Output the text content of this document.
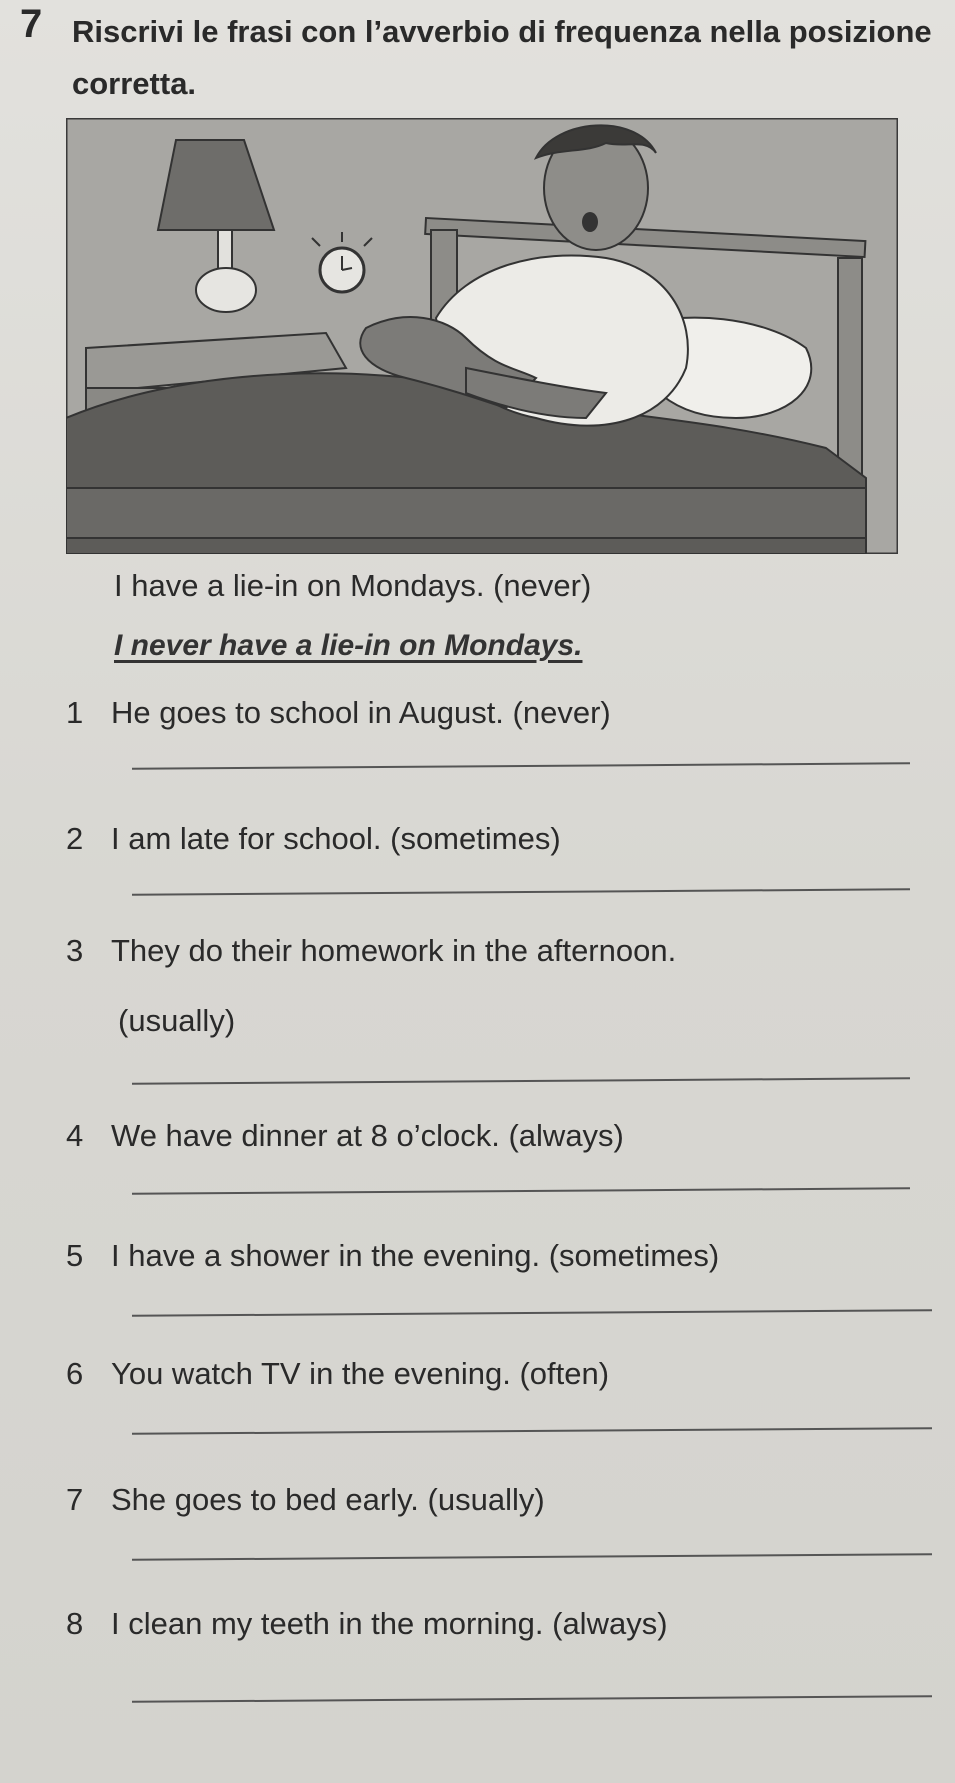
7 Riscrivi le frasi con l’avverbio di frequenza nella posizione corretta.
I have a lie-in on Mondays. (never)
I never have a lie-in on Mondays.
1 He goes to school in August. (never)
2 I am late for school. (sometimes)
3 They do their homework in the afternoon.
(usually)
4 We have dinner at 8 o’clock. (always)
5 I have a shower in the evening. (sometimes)
6 You watch TV in the evening. (often)
7 She goes to bed early. (usually)
8 I clean my teeth in the morning. (always)
